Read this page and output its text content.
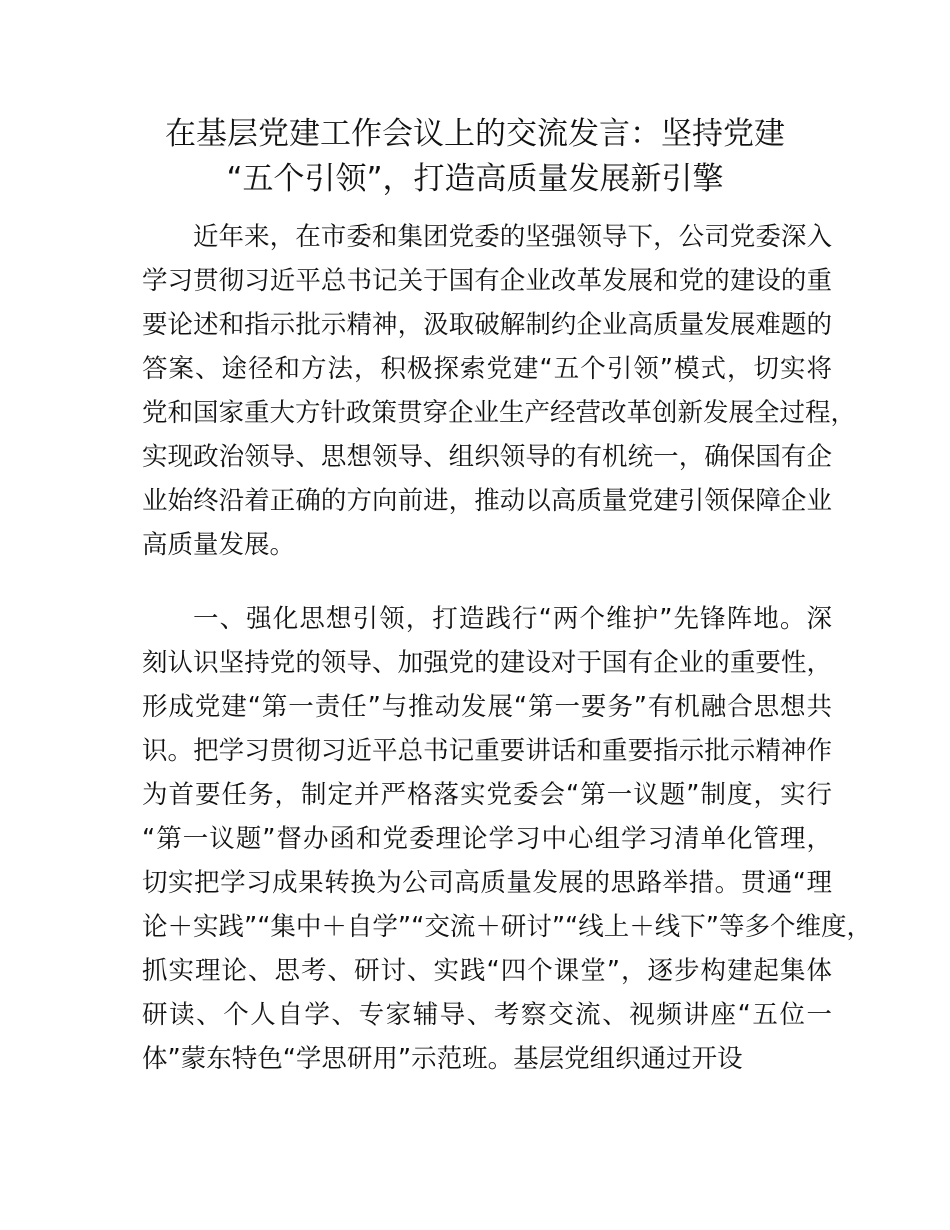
在基层党建工作会议上的交流发言：坚持党建
“五个引领”，打造高质量发展新引擎
近年来，在市委和集团党委的坚强领导下，公司党委深入
学习贯彻习近平总书记关于国有企业改革发展和党的建设的重
要论述和指示批示精神，汲取破解制约企业高质量发展难题的
答案、途径和方法，积极探索党建“五个引领”模式，切实将
党和国家重大方针政策贯穿企业生产经营改革创新发展全过程，
实现政治领导、思想领导、组织领导的有机统一，确保国有企
业始终沿着正确的方向前进，推动以高质量党建引领保障企业
高质量发展。
一、强化思想引领，打造践行“两个维护”先锋阵地。深
刻认识坚持党的领导、加强党的建设对于国有企业的重要性，
形成党建“第一责任”与推动发展“第一要务”有机融合思想共
识。把学习贯彻习近平总书记重要讲话和重要指示批示精神作
为首要任务，制定并严格落实党委会“第一议题”制度，实行
“第一议题”督办函和党委理论学习中心组学习清单化管理，
切实把学习成果转换为公司高质量发展的思路举措。贯通“理
论＋实践”“集中＋自学”“交流＋研讨”“线上＋线下”等多个维度，
抓实理论、思考、研讨、实践“四个课堂”，逐步构建起集体
研读、个人自学、专家辅导、考察交流、视频讲座“五位一
体”蒙东特色“学思研用”示范班。基层党组织通过开设
